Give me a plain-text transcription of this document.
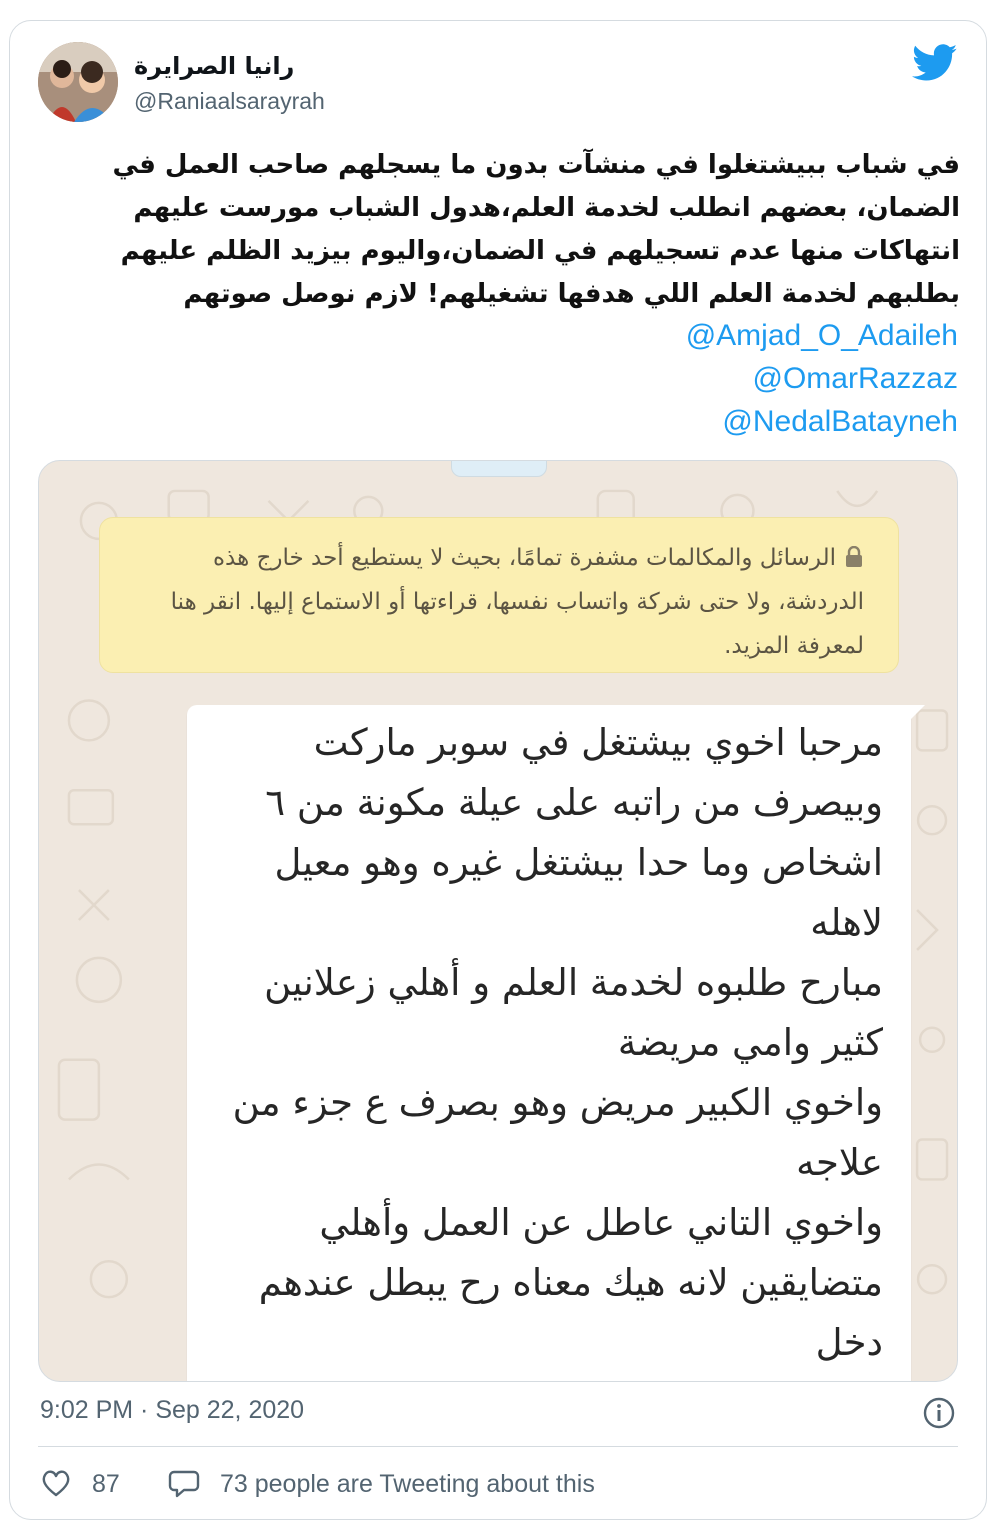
رانيا الصرايرة
@Raniaalsarayrah
في شباب ببيشتغلوا في منشآت بدون ما يسجلهم صاحب العمل في الضمان، بعضهم انطلب لخدمة العلم،هدول الشباب مورست عليهم انتهاكات منها عدم تسجيلهم في الضمان،واليوم بيزيد الظلم عليهم بطلبهم لخدمة العلم اللي هدفها تشغيلهم! لازم نوصل صوتهم
@Amjad_O_Adaileh
@OmarRazzaz
@NedalBatayneh
الرسائل والمكالمات مشفرة تمامًا، بحيث لا يستطيع أحد خارج هذه الدردشة، ولا حتى شركة واتساب نفسها، قراءتها أو الاستماع إليها. انقر هنا لمعرفة المزيد.

مرحبا اخوي بيشتغل في سوبر ماركت وبيصرف من راتبه على عيلة مكونة من ٦ اشخاص وما حدا بيشتغل غيره وهو معيل لاهله

مبارح طلبوه لخدمة العلم و أهلي زعلانين كثير وامي مريضة

واخوي الكبير مريض وهو بصرف ع جزء من علاجه

واخوي التاني عاطل عن العمل وأهلي متضايقين لانه هيك معناه رح يبطل عندهم دخل

9:02 PM · Sep 22, 2020
87	73 people are Tweeting about this
